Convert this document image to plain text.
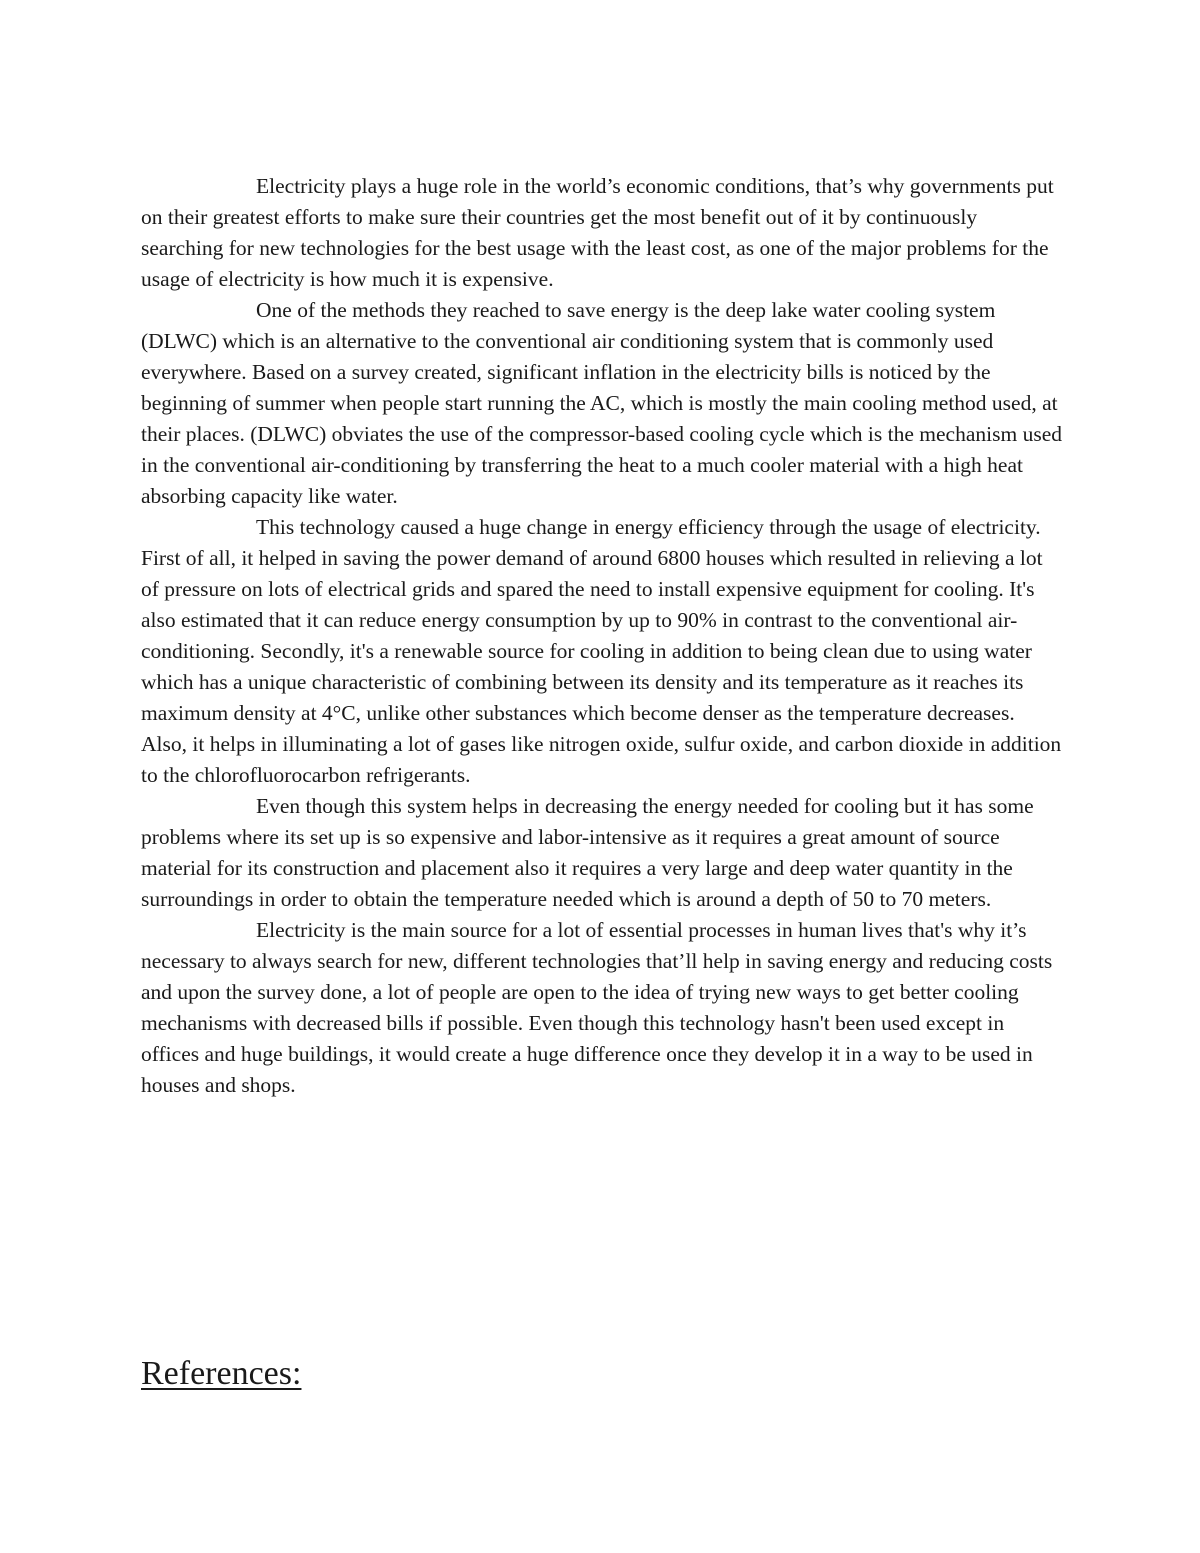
Electricity plays a huge role in the world’s economic conditions, that’s why governments put on their greatest efforts to make sure their countries get the most benefit out of it by continuously searching for new technologies for the best usage with the least cost, as one of the major problems for the usage of electricity is how much it is expensive.

One of the methods they reached to save energy is the deep lake water cooling system (DLWC) which is an alternative to the conventional air conditioning system that is commonly used everywhere. Based on a survey created, significant inflation in the electricity bills is noticed by the beginning of summer when people start running the AC, which is mostly the main cooling method used, at their places. (DLWC) obviates the use of the compressor-based cooling cycle which is the mechanism used in the conventional air-conditioning by transferring the heat to a much cooler material with a high heat absorbing capacity like water.

This technology caused a huge change in energy efficiency through the usage of electricity. First of all, it helped in saving the power demand of around 6800 houses which resulted in relieving a lot of pressure on lots of electrical grids and spared the need to install expensive equipment for cooling. It's also estimated that it can reduce energy consumption by up to 90% in contrast to the conventional air-conditioning. Secondly, it's a renewable source for cooling in addition to being clean due to using water which has a unique characteristic of combining between its density and its temperature as it reaches its maximum density at 4°C, unlike other substances which become denser as the temperature decreases. Also, it helps in illuminating a lot of gases like nitrogen oxide, sulfur oxide, and carbon dioxide in addition to the chlorofluorocarbon refrigerants.

Even though this system helps in decreasing the energy needed for cooling but it has some problems where its set up is so expensive and labor-intensive as it requires a great amount of source material for its construction and placement also it requires a very large and deep water quantity in the surroundings in order to obtain the temperature needed which is around a depth of 50 to 70 meters.

Electricity is the main source for a lot of essential processes in human lives that's why it’s necessary to always search for new, different technologies that’ll help in saving energy and reducing costs and upon the survey done, a lot of people are open to the idea of trying new ways to get better cooling mechanisms with decreased bills if possible. Even though this technology hasn't been used except in offices and huge buildings, it would create a huge difference once they develop it in a way to be used in houses and shops.

References:
